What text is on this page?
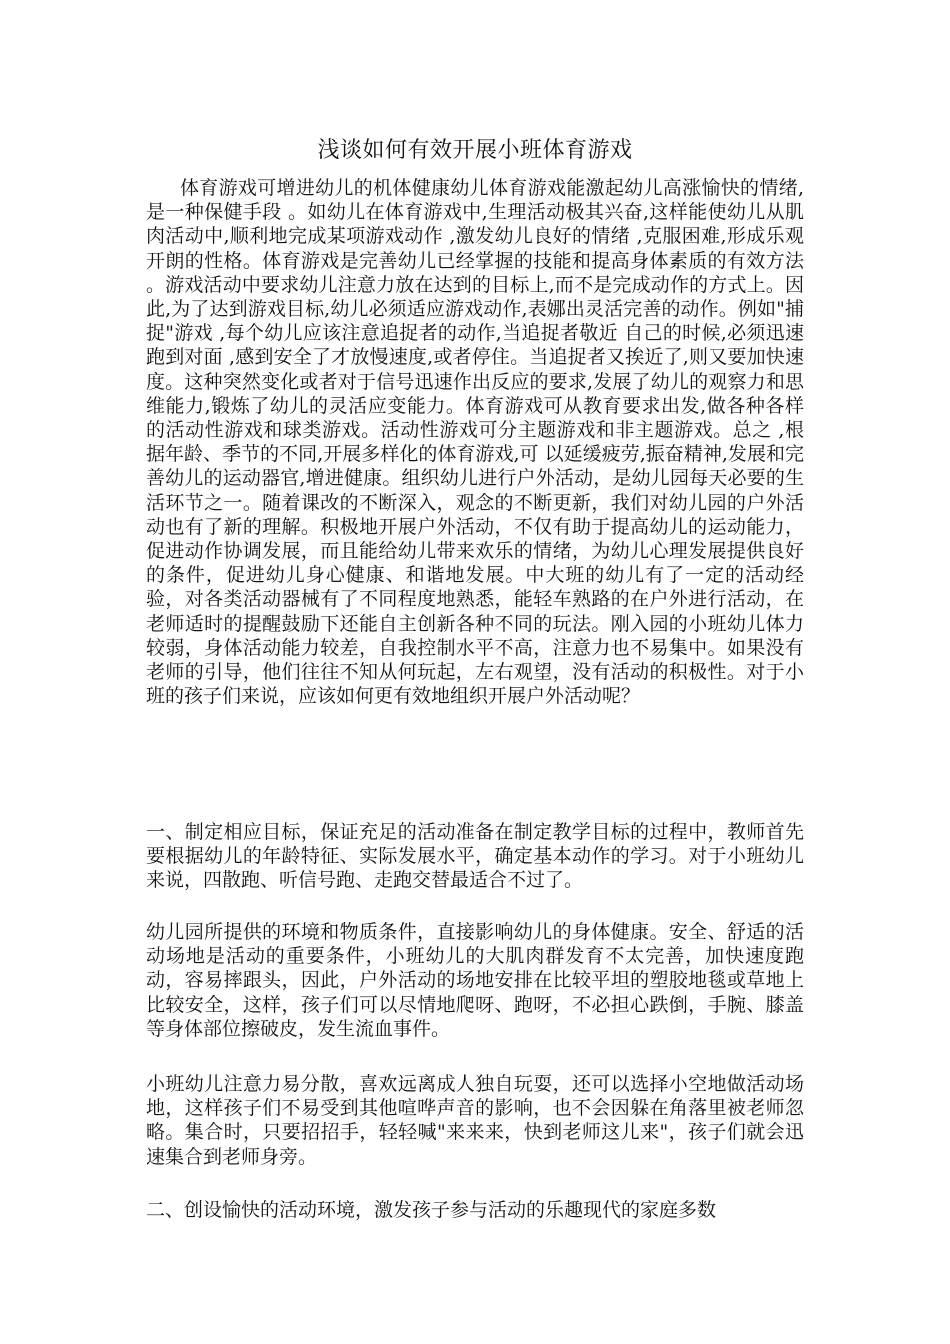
浅谈如何有效开展小班体育游戏

体育游戏可增进幼儿的机体健康幼儿体育游戏能激起幼儿高涨愉快的情绪,是一种保健手段 。如幼儿在体育游戏中,生理活动极其兴奋,这样能使幼儿从肌肉活动中,顺利地完成某项游戏动作 ,激发幼儿良好的情绪 ,克服困难,形成乐观开朗的性格。体育游戏是完善幼儿已经掌握的技能和提高身体素质的有效方法 。游戏活动中要求幼儿注意力放在达到的目标上,而不是完成动作的方式上。因此,为了达到游戏目标,幼儿必须适应游戏动作,表娜出灵活完善的动作。例如"捕捉"游戏 ,每个幼儿应该注意追捉者的动作,当追捉者敬近 自己的时候,必须迅速跑到对面 ,感到安全了才放慢速度,或者停住。当追捉者又挨近了,则又要加快速度。这种突然变化或者对于信号迅速作出反应的要求,发展了幼儿的观察力和思维能力,锻炼了幼儿的灵活应变能力。体育游戏可从教育要求出发,做各种各样的活动性游戏和球类游戏。活动性游戏可分主题游戏和非主题游戏。总之 ,根据年龄、季节的不同,开展多样化的体育游戏,可 以延缓疲劳,振奋精神,发展和完善幼儿的运动器官,增进健康。组织幼儿进行户外活动，是幼儿园每天必要的生活环节之一。随着课改的不断深入，观念的不断更新，我们对幼儿园的户外活动也有了新的理解。积极地开展户外活动，不仅有助于提高幼儿的运动能力，促进动作协调发展，而且能给幼儿带来欢乐的情绪，为幼儿心理发展提供良好的条件，促进幼儿身心健康、和谐地发展。中大班的幼儿有了一定的活动经验，对各类活动器械有了不同程度地熟悉，能轻车熟路的在户外进行活动，在老师适时的提醒鼓励下还能自主创新各种不同的玩法。刚入园的小班幼儿体力较弱，身体活动能力较差，自我控制水平不高，注意力也不易集中。如果没有老师的引导，他们往往不知从何玩起，左右观望，没有活动的积极性。对于小班的孩子们来说，应该如何更有效地组织开展户外活动呢？

一、制定相应目标，保证充足的活动准备在制定教学目标的过程中，教师首先要根据幼儿的年龄特征、实际发展水平，确定基本动作的学习。对于小班幼儿来说，四散跑、听信号跑、走跑交替最适合不过了。

幼儿园所提供的环境和物质条件，直接影响幼儿的身体健康。安全、舒适的活动场地是活动的重要条件，小班幼儿的大肌肉群发育不太完善，加快速度跑动，容易摔跟头，因此，户外活动的场地安排在比较平坦的塑胶地毯或草地上比较安全，这样，孩子们可以尽情地爬呀、跑呀，不必担心跌倒，手腕、膝盖等身体部位擦破皮，发生流血事件。

小班幼儿注意力易分散，喜欢远离成人独自玩耍，还可以选择小空地做活动场地，这样孩子们不易受到其他喧哗声音的影响，也不会因躲在角落里被老师忽略。集合时，只要招招手，轻轻喊"来来来，快到老师这儿来"，孩子们就会迅速集合到老师身旁。

二、创设愉快的活动环境，激发孩子参与活动的乐趣现代的家庭多数
